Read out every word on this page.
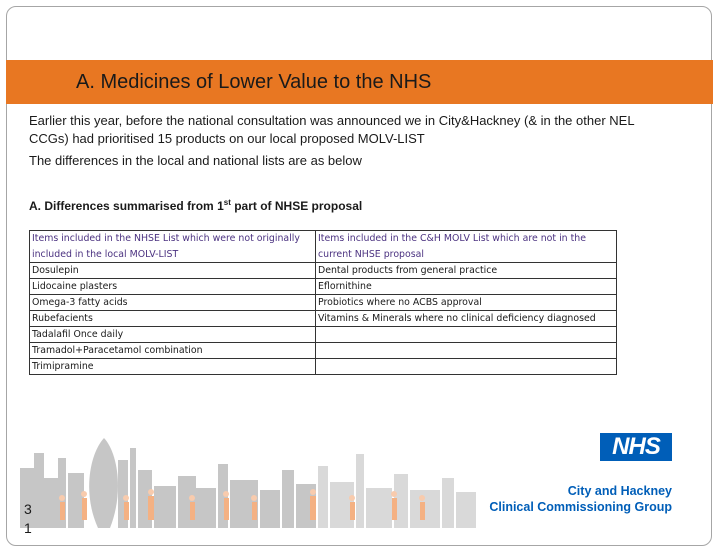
A. Medicines of Lower Value to the NHS
Earlier this year, before the national consultation was announced we in City&Hackney (& in the other NEL CCGs) had prioritised 15 products on our local proposed MOLV-LIST
The differences in the local and national lists are as below
A. Differences summarised from 1st part of NHSE proposal
Items included in the NHSE List which were not originally included in the local MOLV-LIST	Items included in the C&H MOLV List which are not in the current NHSE proposal
Dosulepin	Dental products from general practice
Lidocaine plasters	Eflornithine
Omega-3 fatty acids	Probiotics where no ACBS approval
Rubefacients	Vitamins & Minerals where no clinical deficiency diagnosed
Tadalafil Once daily	
Tramadol+Paracetamol combination	
Trimipramine	
NHS
City and Hackney
Clinical Commissioning Group
3
1
